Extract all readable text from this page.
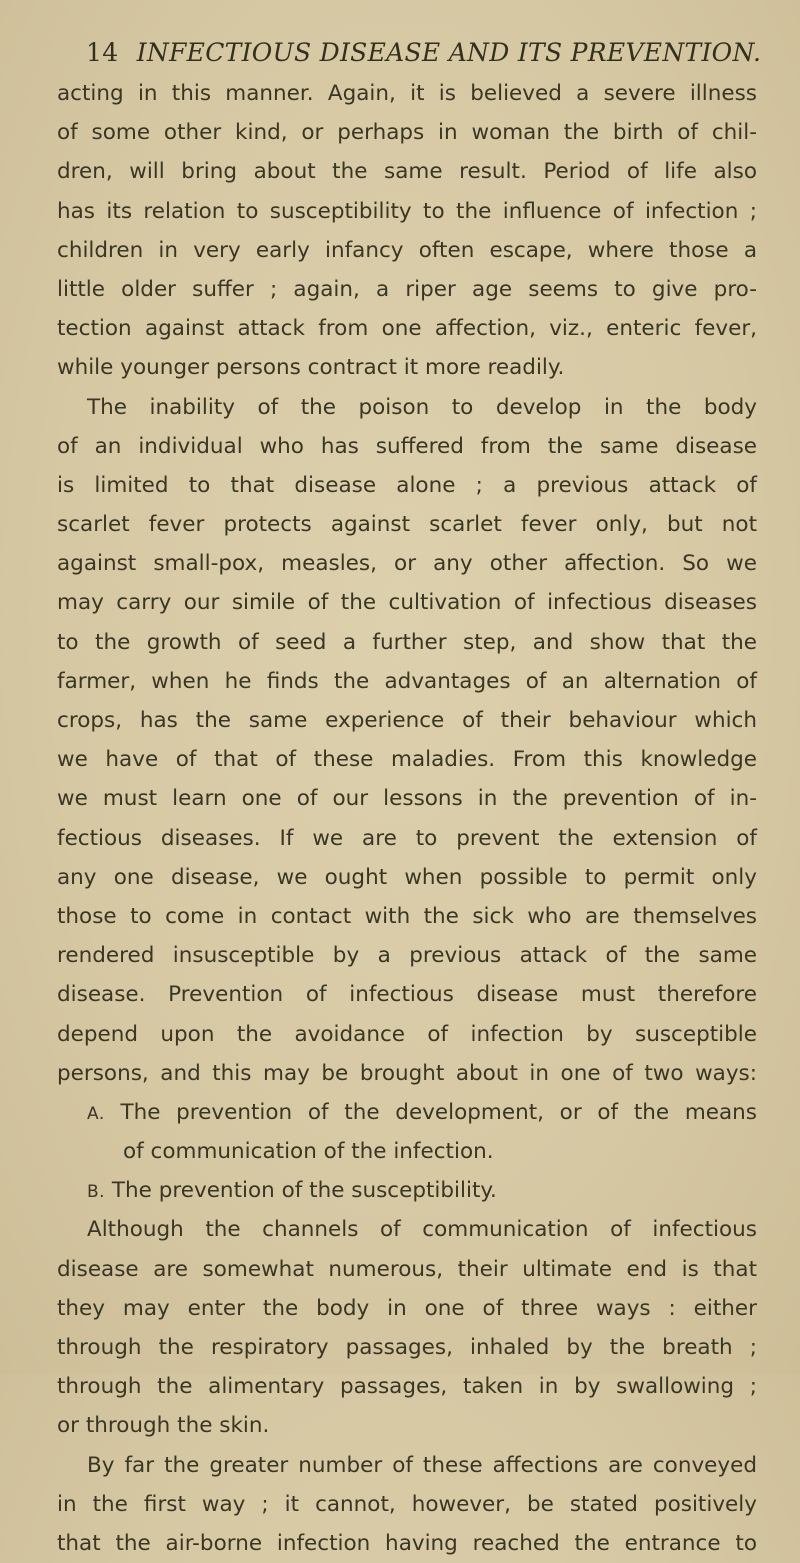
14 INFECTIOUS DISEASE AND ITS PREVENTION.
acting in this manner. Again, it is believed a severe illness
of some other kind, or perhaps in woman the birth of chil-
dren, will bring about the same result. Period of life also
has its relation to susceptibility to the influence of infection ;
children in very early infancy often escape, where those a
little older suffer ; again, a riper age seems to give pro-
tection against attack from one affection, viz., enteric fever,
while younger persons contract it more readily.
The inability of the poison to develop in the body
of an individual who has suffered from the same disease
is limited to that disease alone ; a previous attack of
scarlet fever protects against scarlet fever only, but not
against small-pox, measles, or any other affection. So we
may carry our simile of the cultivation of infectious diseases
to the growth of seed a further step, and show that the
farmer, when he finds the advantages of an alternation of
crops, has the same experience of their behaviour which
we have of that of these maladies. From this knowledge
we must learn one of our lessons in the prevention of in-
fectious diseases. If we are to prevent the extension of
any one disease, we ought when possible to permit only
those to come in contact with the sick who are themselves
rendered insusceptible by a previous attack of the same
disease. Prevention of infectious disease must therefore
depend upon the avoidance of infection by susceptible
persons, and this may be brought about in one of two ways:
A. The prevention of the development, or of the means
of communication of the infection.
B. The prevention of the susceptibility.
Although the channels of communication of infectious
disease are somewhat numerous, their ultimate end is that
they may enter the body in one of three ways : either
through the respiratory passages, inhaled by the breath ;
through the alimentary passages, taken in by swallowing ;
or through the skin.
By far the greater number of these affections are conveyed
in the first way ; it cannot, however, be stated positively
that the air-borne infection having reached the entrance to
